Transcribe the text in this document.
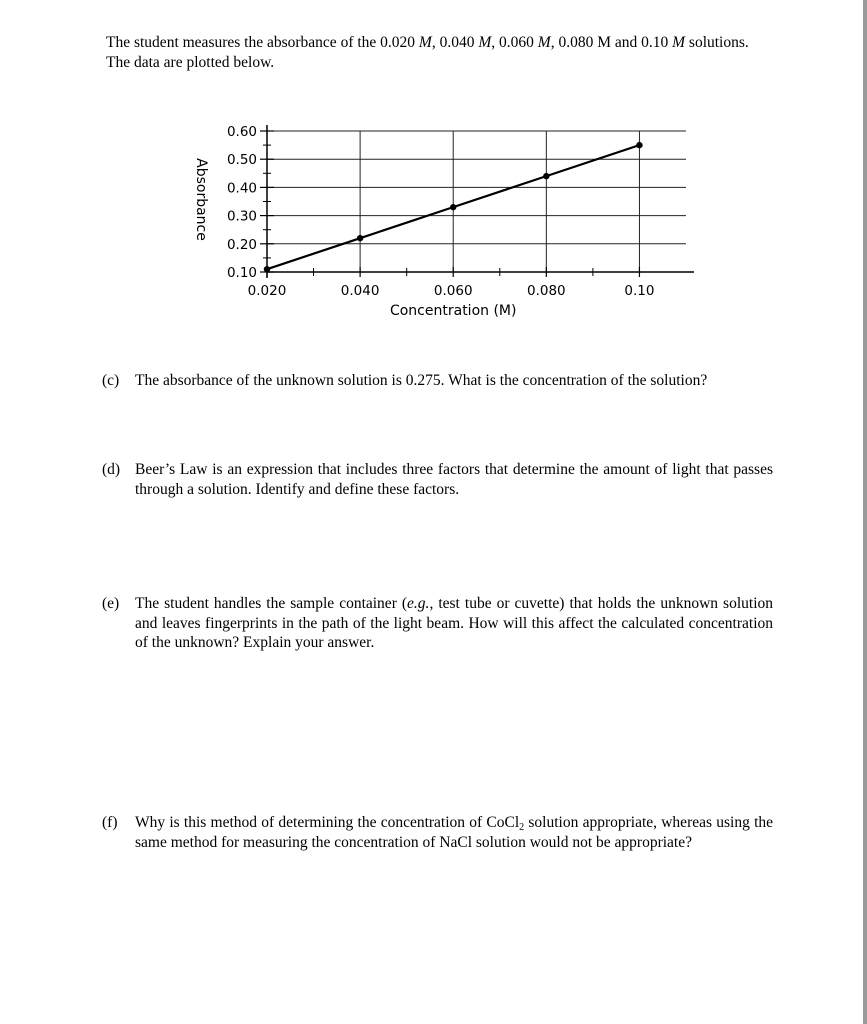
The student measures the absorbance of the 0.020 M, 0.040 M, 0.060 M, 0.080 M and 0.10 M solutions. The data are plotted below.
0.60
0.50
0.40
0.30
0.20
0.10
0.020	0.040	0.060	0.080	0.10
Concentration (M)
Absorbance
(c) The absorbance of the unknown solution is 0.275. What is the concentration of the solution?
(d) Beer’s Law is an expression that includes three factors that determine the amount of light that passes through a solution. Identify and define these factors.
(e) The student handles the sample container (e.g., test tube or cuvette) that holds the unknown solution and leaves fingerprints in the path of the light beam. How will this affect the calculated concentration of the unknown? Explain your answer.
(f) Why is this method of determining the concentration of CoCl$_2$ solution appropriate, whereas using the same method for measuring the concentration of NaCl solution would not be appropriate?
